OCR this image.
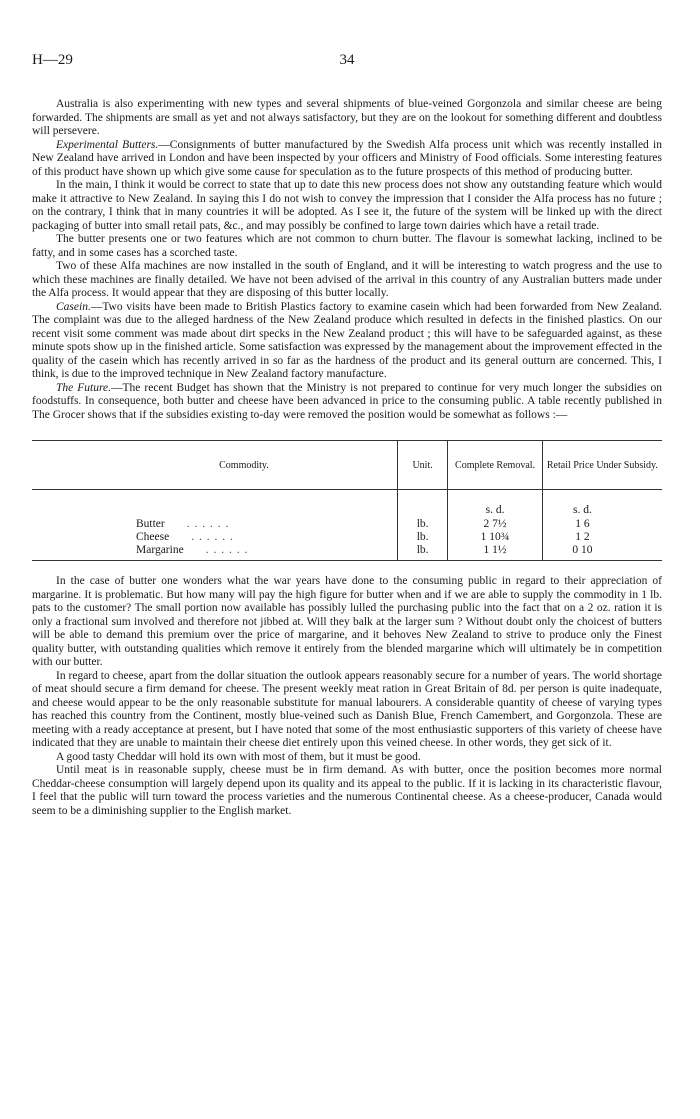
H—29	34

Australia is also experimenting with new types and several shipments of blue-veined Gorgonzola and similar cheese are being forwarded. The shipments are small as yet and not always satisfactory, but they are on the lookout for something different and doubtless will persevere.

Experimental Butters.—Consignments of butter manufactured by the Swedish Alfa process unit which was recently installed in New Zealand have arrived in London and have been inspected by your officers and Ministry of Food officials. Some interesting features of this product have shown up which give some cause for speculation as to the future prospects of this method of producing butter.

In the main, I think it would be correct to state that up to date this new process does not show any outstanding feature which would make it attractive to New Zealand. In saying this I do not wish to convey the impression that I consider the Alfa process has no future ; on the contrary, I think that in many countries it will be adopted. As I see it, the future of the system will be linked up with the direct packaging of butter into small retail pats, &c., and may possibly be confined to large town dairies which have a retail trade.

The butter presents one or two features which are not common to churn butter. The flavour is somewhat lacking, inclined to be fatty, and in some cases has a scorched taste.

Two of these Alfa machines are now installed in the south of England, and it will be interesting to watch progress and the use to which these machines are finally detailed. We have not been advised of the arrival in this country of any Australian butters made under the Alfa process. It would appear that they are disposing of this butter locally.

Casein.—Two visits have been made to British Plastics factory to examine casein which had been forwarded from New Zealand. The complaint was due to the alleged hardness of the New Zealand produce which resulted in defects in the finished plastics. On our recent visit some comment was made about dirt specks in the New Zealand product ; this will have to be safeguarded against, as these minute spots show up in the finished article. Some satisfaction was expressed by the management about the improvement effected in the quality of the casein which has recently arrived in so far as the hardness of the product and its general outturn are concerned. This, I think, is due to the improved technique in New Zealand factory manufacture.

The Future.—The recent Budget has shown that the Ministry is not prepared to continue for very much longer the subsidies on foodstuffs. In consequence, both butter and cheese have been advanced in price to the consuming public. A table recently published in The Grocer shows that if the subsidies existing to-day were removed the position would be somewhat as follows :—

Commodity.	Unit.	Complete Removal.	Retail Price Under Subsidy.
		s. d.	s. d.
Butter . . . . . .	lb.	2 7½	1 6
Cheese . . . . . .	lb.	1 10¾	1 2
Margarine . . . . . .	lb.	1 1½	0 10

In the case of butter one wonders what the war years have done to the consuming public in regard to their appreciation of margarine. It is problematic. But how many will pay the high figure for butter when and if we are able to supply the commodity in 1 lb. pats to the customer? The small portion now available has possibly lulled the purchasing public into the fact that on a 2 oz. ration it is only a fractional sum involved and therefore not jibbed at. Will they balk at the larger sum ? Without doubt only the choicest of butters will be able to demand this premium over the price of margarine, and it behoves New Zealand to strive to produce only the Finest quality butter, with outstanding qualities which remove it entirely from the blended margarine which will ultimately be in competition with our butter.

In regard to cheese, apart from the dollar situation the outlook appears reasonably secure for a number of years. The world shortage of meat should secure a firm demand for cheese. The present weekly meat ration in Great Britain of 8d. per person is quite inadequate, and cheese would appear to be the only reasonable substitute for manual labourers. A considerable quantity of cheese of varying types has reached this country from the Continent, mostly blue-veined such as Danish Blue, French Camembert, and Gorgonzola. These are meeting with a ready acceptance at present, but I have noted that some of the most enthusiastic supporters of this variety of cheese have indicated that they are unable to maintain their cheese diet entirely upon this veined cheese. In other words, they get sick of it.

A good tasty Cheddar will hold its own with most of them, but it must be good.

Until meat is in reasonable supply, cheese must be in firm demand. As with butter, once the position becomes more normal Cheddar-cheese consumption will largely depend upon its quality and its appeal to the public. If it is lacking in its characteristic flavour, I feel that the public will turn toward the process varieties and the numerous Continental cheese. As a cheese-producer, Canada would seem to be a diminishing supplier to the English market.
